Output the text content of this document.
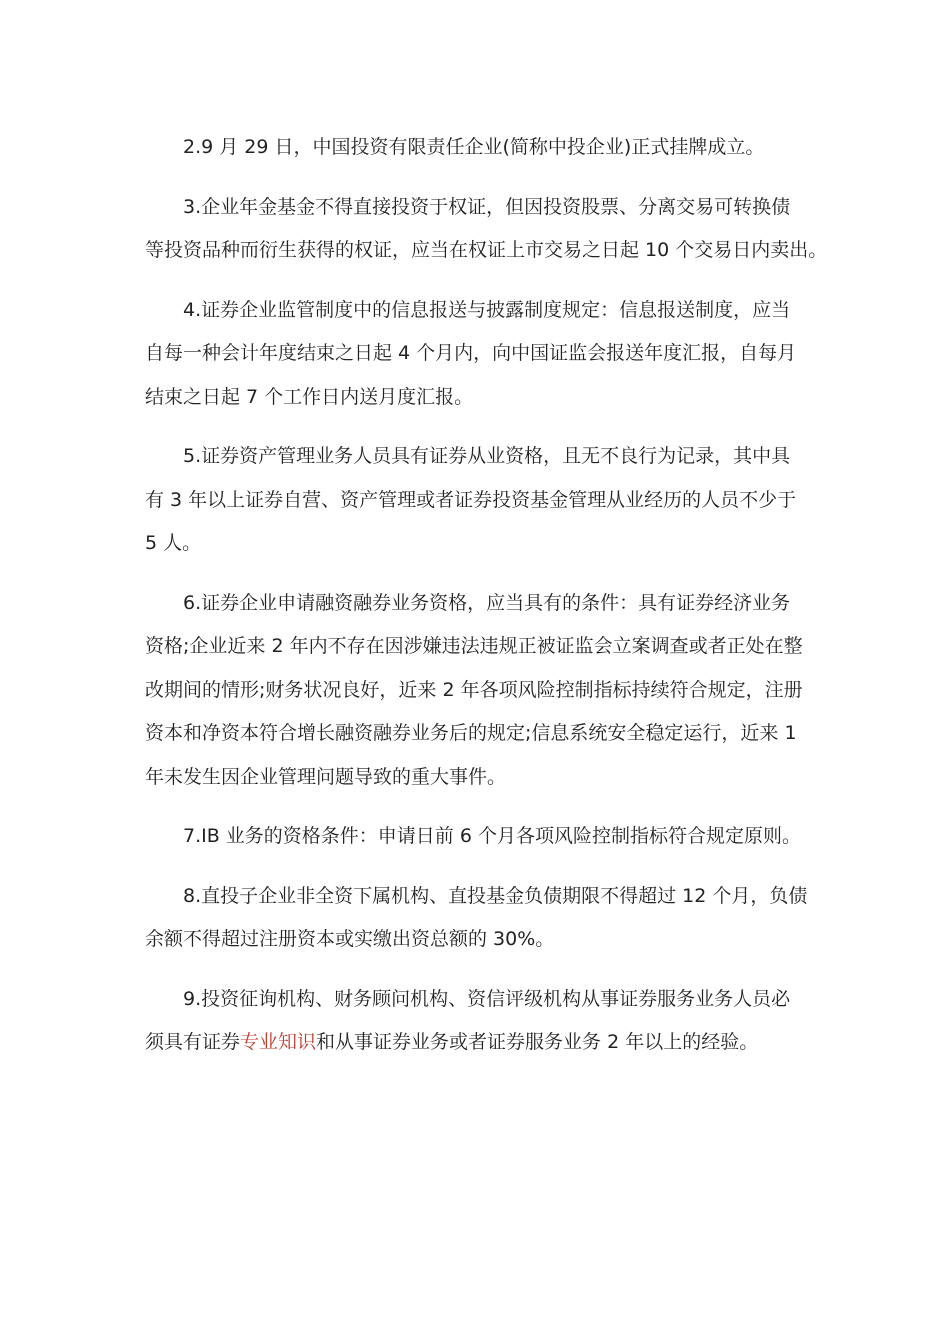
2.9 月 29 日，中国投资有限责任企业(简称中投企业)正式挂牌成立。

3.企业年金基金不得直接投资于权证，但因投资股票、分离交易可转换债
等投资品种而衍生获得的权证，应当在权证上市交易之日起 10 个交易日内卖出。

4.证券企业监管制度中的信息报送与披露制度规定：信息报送制度，应当
自每一种会计年度结束之日起 4 个月内，向中国证监会报送年度汇报，自每月
结束之日起 7 个工作日内送月度汇报。

5.证券资产管理业务人员具有证券从业资格，且无不良行为记录，其中具
有 3 年以上证券自营、资产管理或者证券投资基金管理从业经历的人员不少于
5 人。

6.证券企业申请融资融券业务资格，应当具有的条件：具有证券经济业务
资格;企业近来 2 年内不存在因涉嫌违法违规正被证监会立案调查或者正处在整
改期间的情形;财务状况良好，近来 2 年各项风险控制指标持续符合规定，注册
资本和净资本符合增长融资融券业务后的规定;信息系统安全稳定运行，近来 1
年未发生因企业管理问题导致的重大事件。

7.IB 业务的资格条件：申请日前 6 个月各项风险控制指标符合规定原则。

8.直投子企业非全资下属机构、直投基金负债期限不得超过 12 个月，负债
余额不得超过注册资本或实缴出资总额的 30%。

9.投资征询机构、财务顾问机构、资信评级机构从事证券服务业务人员必
须具有证券专业知识和从事证券业务或者证券服务业务 2 年以上的经验。
